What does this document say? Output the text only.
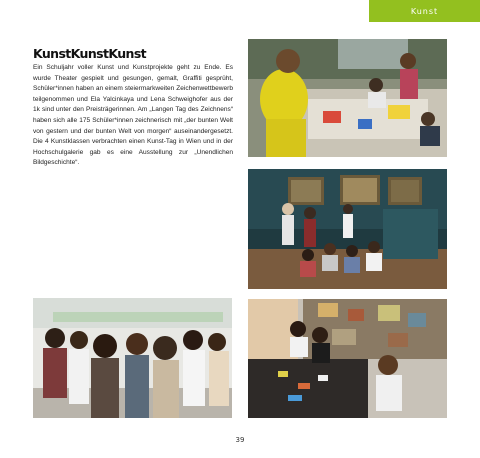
Kunst
KunstKunstKunst

Ein Schuljahr voller Kunst und Kunstprojekte geht zu Ende. Es wurde Theater gespielt und gesungen, gemalt, Graffiti gesprüht, Schüler*innen haben an einem steiermarkweiten Zeichenwettbewerb teilgenommen und Ela Yalcinkaya und Lena Schweighofer aus der 1k sind unter den Preisträgerinnen. Am „Langen Tag des Zeichnens“ haben sich alle 175 Schüler*innen zeichnerisch mit „der bunten Welt von gestern und der bunten Welt von morgen“ auseinandergesetzt. Die 4 Kunstklassen verbrachten einen Kunst-Tag in Wien und in der Hochschulgalerie gab es eine Ausstellung zur „Unendlichen Bildgeschichte“.

39
